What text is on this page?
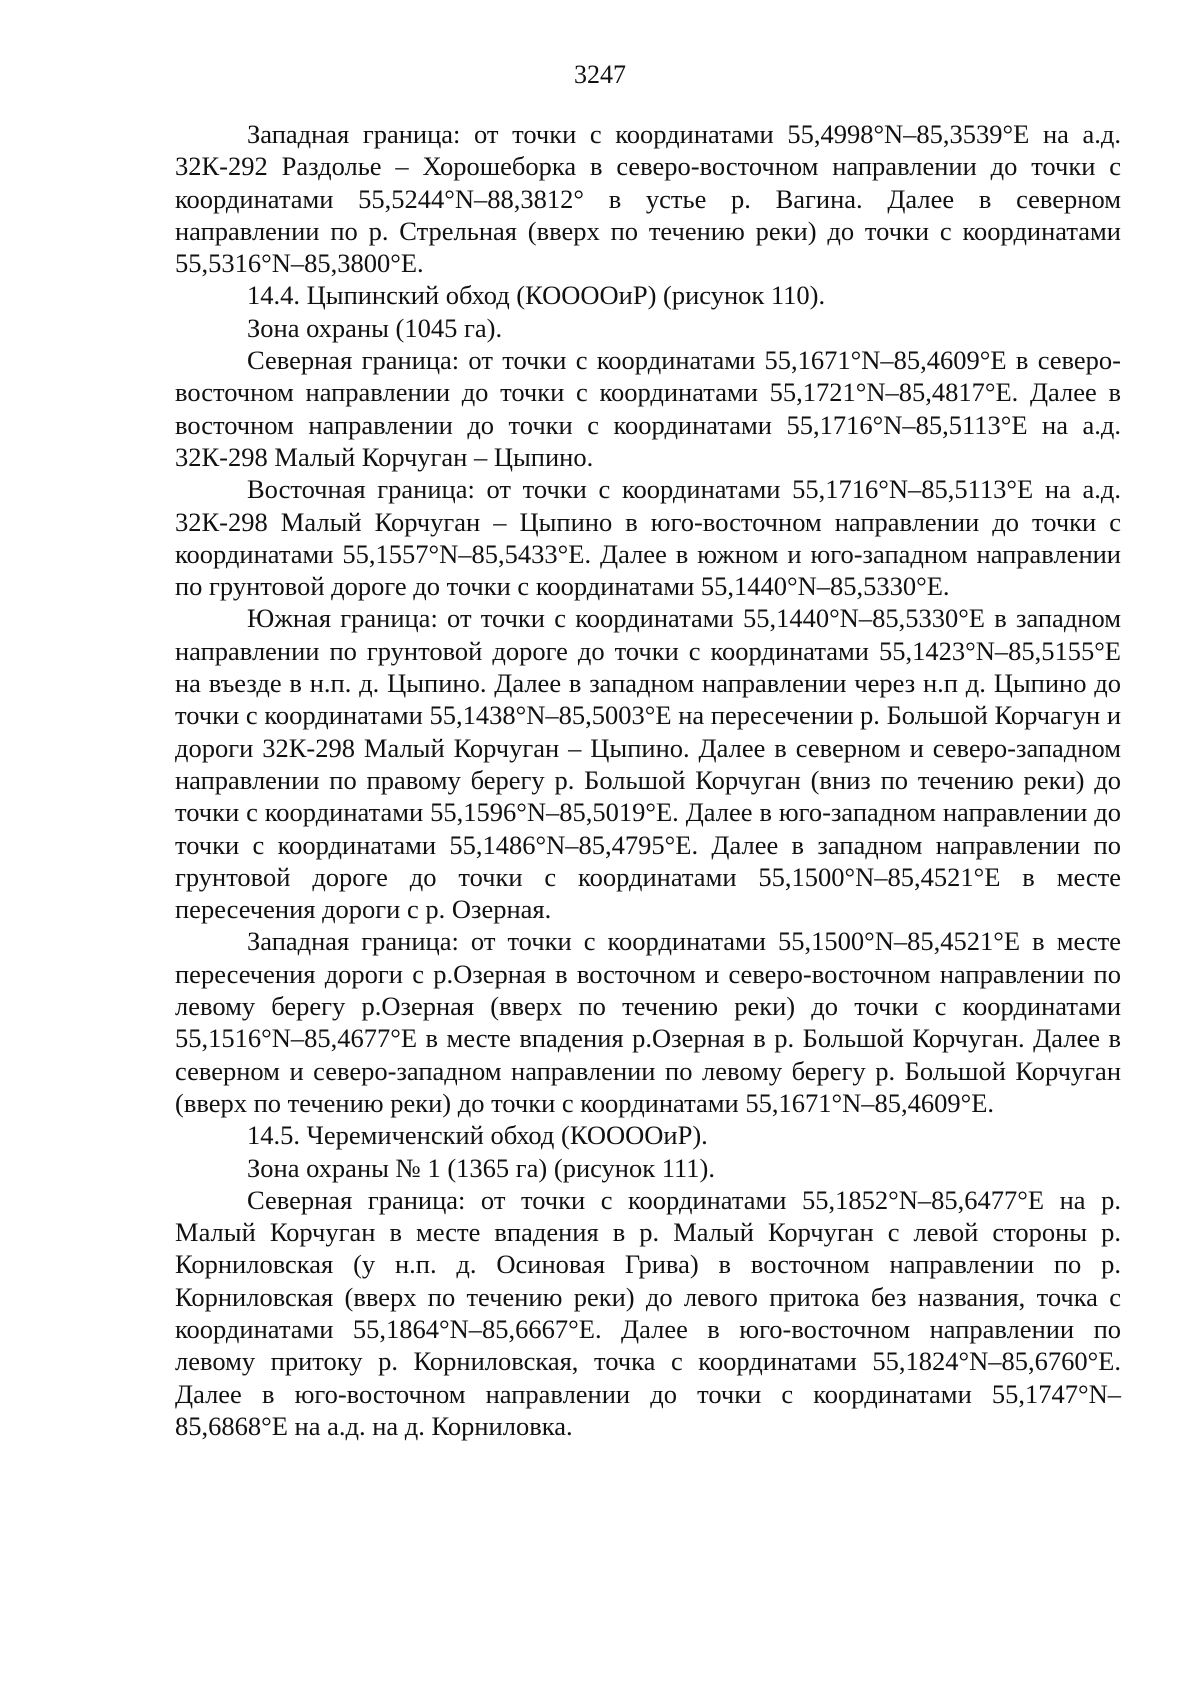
3247

Западная граница: от точки с координатами 55,4998°N–85,3539°E на а.д. 32К-292 Раздолье – Хорошеборка в северо-восточном направлении до точки с координатами 55,5244°N–88,3812° в устье р. Вагина. Далее в северном направлении по р. Стрельная (вверх по течению реки) до точки с координатами 55,5316°N–85,3800°E.

14.4. Цыпинский обход (КООООиР) (рисунок 110).

Зона охраны (1045 га).

Северная граница: от точки с координатами 55,1671°N–85,4609°E в северо-восточном направлении до точки с координатами 55,1721°N–85,4817°E. Далее в восточном направлении до точки с координатами 55,1716°N–85,5113°E на а.д. 32К-298 Малый Корчуган – Цыпино.

Восточная граница: от точки с координатами 55,1716°N–85,5113°E на а.д. 32К-298 Малый Корчуган – Цыпино в юго-восточном направлении до точки с координатами 55,1557°N–85,5433°E. Далее в южном и юго-западном направлении по грунтовой дороге до точки с координатами 55,1440°N–85,5330°E.

Южная граница: от точки с координатами 55,1440°N–85,5330°E в западном направлении по грунтовой дороге до точки с координатами 55,1423°N–85,5155°E на въезде в н.п. д. Цыпино. Далее в западном направлении через н.п д. Цыпино до точки с координатами 55,1438°N–85,5003°E на пересечении р. Большой Корчагун и дороги 32К-298 Малый Корчуган – Цыпино. Далее в северном и северо-западном направлении по правому берегу р. Большой Корчуган (вниз по течению реки) до точки с координатами 55,1596°N–85,5019°E. Далее в юго-западном направлении до точки с координатами 55,1486°N–85,4795°E. Далее в западном направлении по грунтовой дороге до точки с координатами 55,1500°N–85,4521°E в месте пересечения дороги с р. Озерная.

Западная граница: от точки с координатами 55,1500°N–85,4521°E в месте пересечения дороги с р.Озерная в восточном и северо-восточном направлении по левому берегу р.Озерная (вверх по течению реки) до точки с координатами 55,1516°N–85,4677°E в месте впадения р.Озерная в р. Большой Корчуган. Далее в северном и северо-западном направлении по левому берегу р. Большой Корчуган (вверх по течению реки) до точки с координатами 55,1671°N–85,4609°E.

14.5. Черемиченский обход (КООООиР).

Зона охраны № 1 (1365 га) (рисунок 111).

Северная граница: от точки с координатами 55,1852°N–85,6477°E на р. Малый Корчуган в месте впадения в р. Малый Корчуган с левой стороны р. Корниловская (у н.п. д. Осиновая Грива) в восточном направлении по р. Корниловская (вверх по течению реки) до левого притока без названия, точка с координатами 55,1864°N–85,6667°E. Далее в юго-восточном направлении по левому притоку р. Корниловская, точка с координатами 55,1824°N–85,6760°E. Далее в юго-восточном направлении до точки с координатами 55,1747°N–85,6868°E на а.д. на д. Корниловка.
